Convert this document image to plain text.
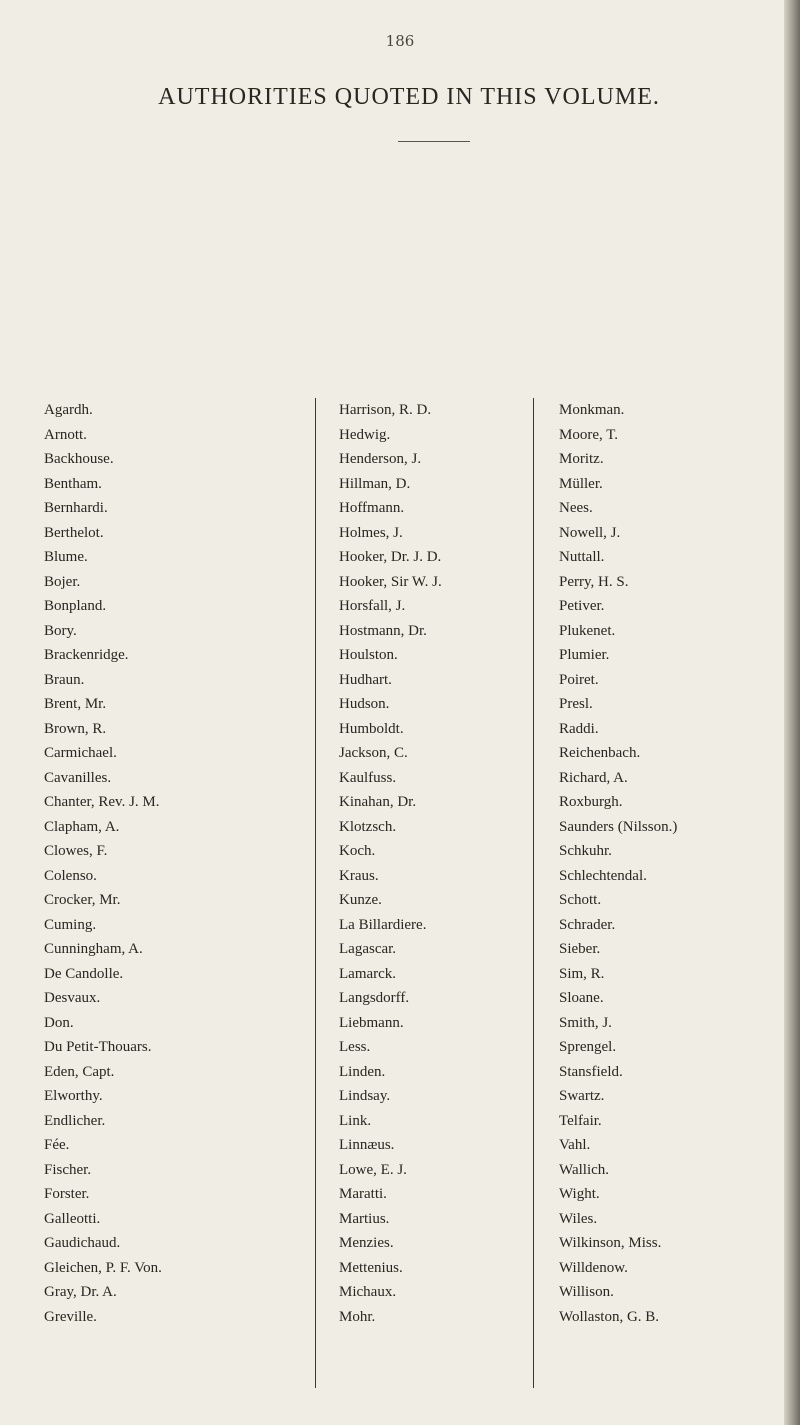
186
AUTHORITIES QUOTED IN THIS VOLUME.
Agardh.
Arnott.
Backhouse.
Bentham.
Bernhardi.
Berthelot.
Blume.
Bojer.
Bonpland.
Bory.
Brackenridge.
Braun.
Brent, Mr.
Brown, R.
Carmichael.
Cavanilles.
Chanter, Rev. J. M.
Clapham, A.
Clowes, F.
Colenso.
Crocker, Mr.
Cuming.
Cunningham, A.
De Candolle.
Desvaux.
Don.
Du Petit-Thouars.
Eden, Capt.
Elworthy.
Endlicher.
Fée.
Fischer.
Forster.
Galleotti.
Gaudichaud.
Gleichen, P. F. Von.
Gray, Dr. A.
Greville.
Harrison, R. D.
Hedwig.
Henderson, J.
Hillman, D.
Hoffmann.
Holmes, J.
Hooker, Dr. J. D.
Hooker, Sir W. J.
Horsfall, J.
Hostmann, Dr.
Houlston.
Hudhart.
Hudson.
Humboldt.
Jackson, C.
Kaulfuss.
Kinahan, Dr.
Klotzsch.
Koch.
Kraus.
Kunze.
La Billardiere.
Lagascar.
Lamarck.
Langsdorff.
Liebmann.
Less.
Linden.
Lindsay.
Link.
Linnæus.
Lowe, E. J.
Maratti.
Martius.
Menzies.
Mettenius.
Michaux.
Mohr.
Monkman.
Moore, T.
Moritz.
Müller.
Nees.
Nowell, J.
Nuttall.
Perry, H. S.
Petiver.
Plukenet.
Plumier.
Poiret.
Presl.
Raddi.
Reichenbach.
Richard, A.
Roxburgh.
Saunders (Nilsson.)
Schkuhr.
Schlechtendal.
Schott.
Schrader.
Sieber.
Sim, R.
Sloane.
Smith, J.
Sprengel.
Stansfield.
Swartz.
Telfair.
Vahl.
Wallich.
Wight.
Wiles.
Wilkinson, Miss.
Willdenow.
Willison.
Wollaston, G. B.
